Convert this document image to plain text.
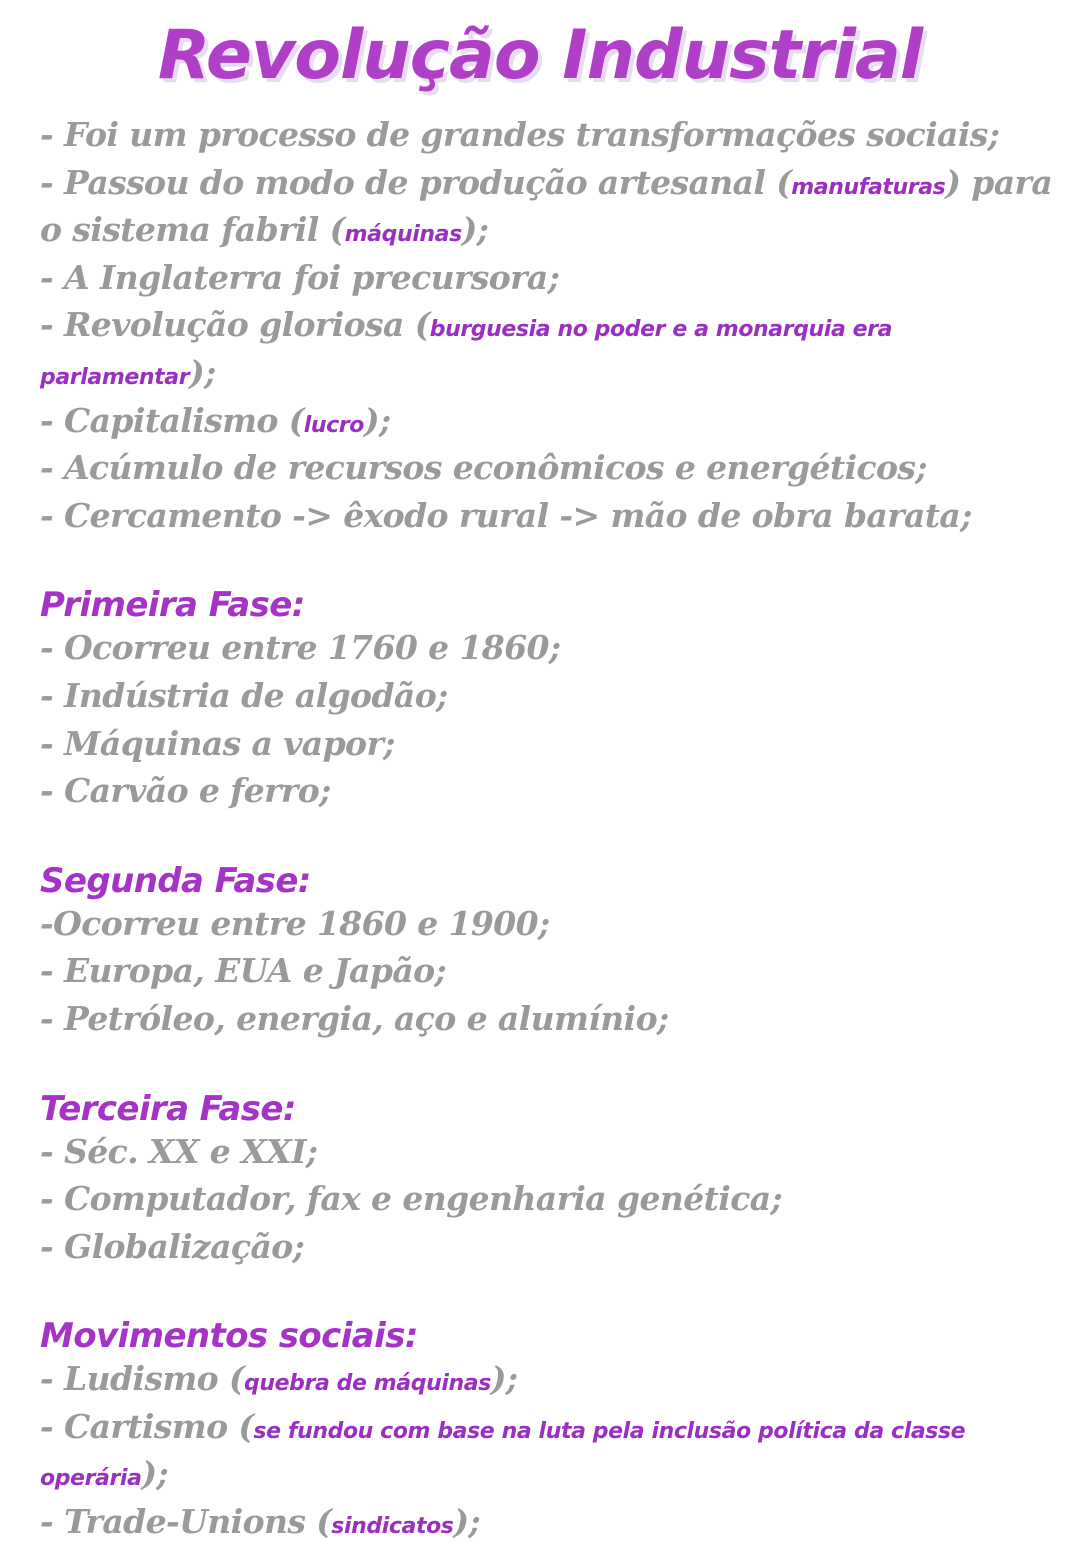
Revolução Industrial
- Foi um processo de grandes transformações sociais;
- Passou do modo de produção artesanal (manufaturas) para
o sistema fabril (máquinas);
- A Inglaterra foi precursora;
- Revolução gloriosa (burguesia no poder e a monarquia era
parlamentar);
- Capitalismo (lucro);
- Acúmulo de recursos econômicos e energéticos;
- Cercamento -> êxodo rural -> mão de obra barata;
Primeira Fase:
- Ocorreu entre 1760 e 1860;
- Indústria de algodão;
- Máquinas a vapor;
- Carvão e ferro;
Segunda Fase:
-Ocorreu entre 1860 e 1900;
- Europa, EUA e Japão;
- Petróleo, energia, aço e alumínio;
Terceira Fase:
- Séc. XX e XXI;
- Computador, fax e engenharia genética;
- Globalização;
Movimentos sociais:
- Ludismo (quebra de máquinas);
- Cartismo (se fundou com base na luta pela inclusão política da classe
operária);
- Trade-Unions (sindicatos);
